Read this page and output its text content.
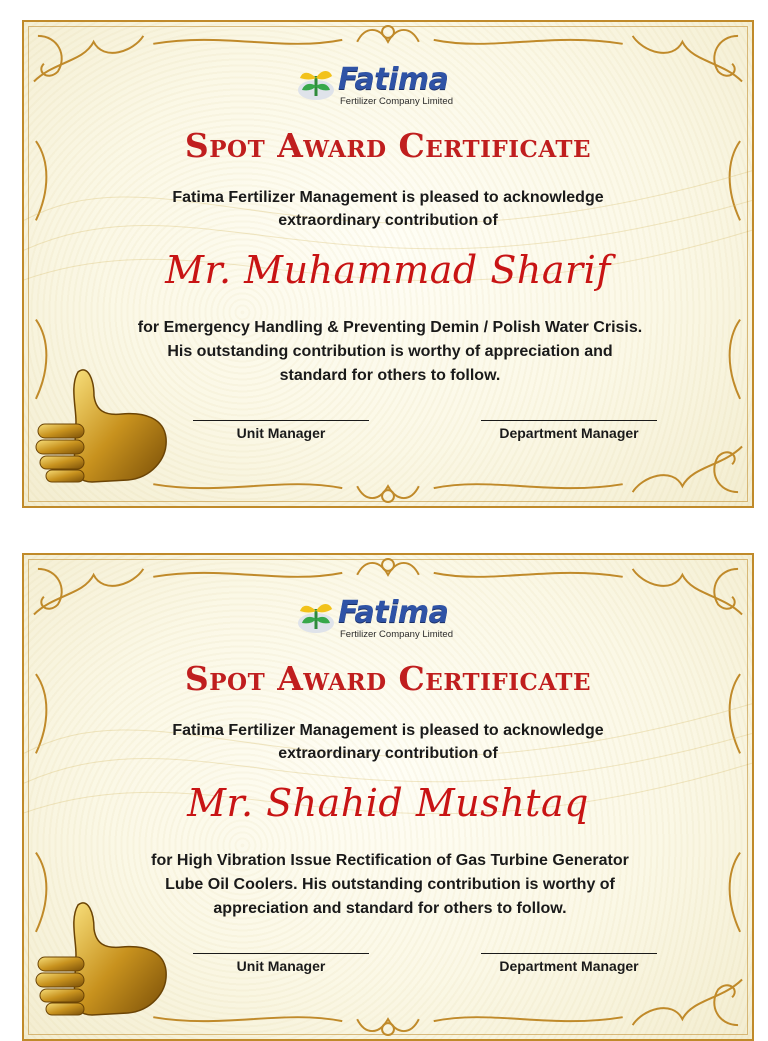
Fatima
Fertilizer Company Limited
Spot Award Certificate
Fatima Fertilizer Management is pleased to acknowledge
extraordinary contribution of
Mr. Muhammad Sharif
for Emergency Handling & Preventing Demin / Polish Water Crisis.
His outstanding contribution is worthy of appreciation and
standard for others to follow.
Unit Manager	Department Manager
Fatima
Fertilizer Company Limited
Spot Award Certificate
Fatima Fertilizer Management is pleased to acknowledge
extraordinary contribution of
Mr. Shahid Mushtaq
for High Vibration Issue Rectification of Gas Turbine Generator
Lube Oil Coolers. His outstanding contribution is worthy of
appreciation and standard for others to follow.
Unit Manager	Department Manager
